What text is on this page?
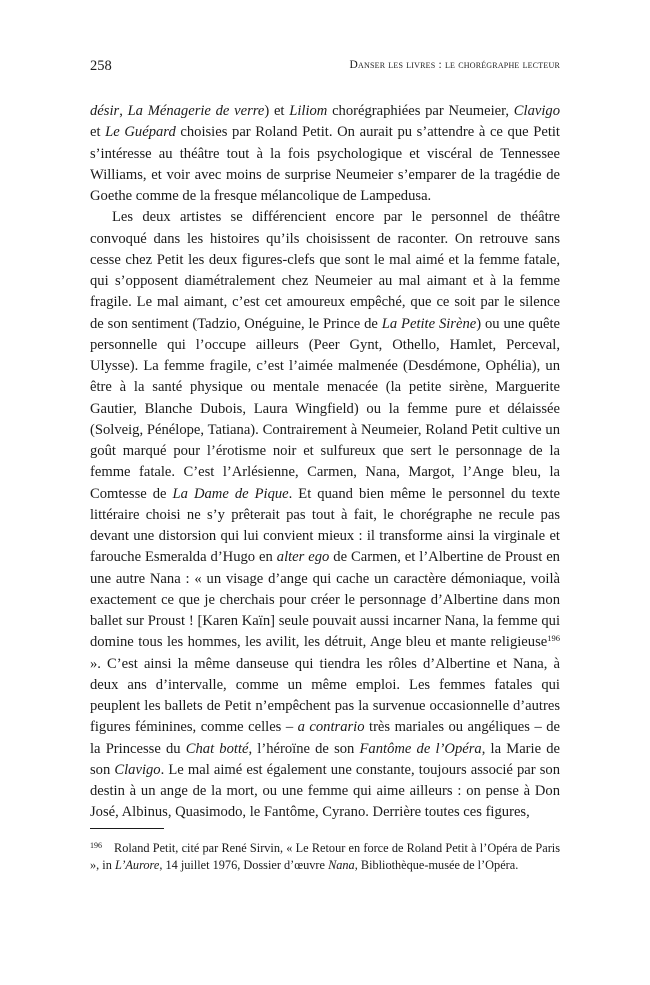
258	Danser les livres : le chorégraphe lecteur

désir, La Ménagerie de verre) et Liliom chorégraphiées par Neumeier, Clavigo et Le Guépard choisies par Roland Petit. On aurait pu s’attendre à ce que Petit s’intéresse au théâtre tout à la fois psychologique et viscéral de Tennessee Williams, et voir avec moins de surprise Neumeier s’emparer de la tragédie de Goethe comme de la fresque mélancolique de Lampedusa.

Les deux artistes se différencient encore par le personnel de théâtre convoqué dans les histoires qu’ils choisissent de raconter. On retrouve sans cesse chez Petit les deux figures-clefs que sont le mal aimé et la femme fatale, qui s’opposent diamétralement chez Neumeier au mal aimant et à la femme fragile. Le mal aimant, c’est cet amoureux empêché, que ce soit par le silence de son sentiment (Tadzio, Onéguine, le Prince de La Petite Sirène) ou une quête personnelle qui l’occupe ailleurs (Peer Gynt, Othello, Hamlet, Perceval, Ulysse). La femme fragile, c’est l’aimée malmenée (Desdémone, Ophélia), un être à la santé physique ou mentale menacée (la petite sirène, Marguerite Gautier, Blanche Dubois, Laura Wingfield) ou la femme pure et délaissée (Solveig, Pénélope, Tatiana). Contrairement à Neumeier, Roland Petit cultive un goût marqué pour l’érotisme noir et sulfureux que sert le personnage de la femme fatale. C’est l’Arlésienne, Carmen, Nana, Margot, l’Ange bleu, la Comtesse de La Dame de Pique. Et quand bien même le personnel du texte littéraire choisi ne s’y prêterait pas tout à fait, le chorégraphe ne recule pas devant une distorsion qui lui convient mieux : il transforme ainsi la virginale et farouche Esmeralda d’Hugo en alter ego de Carmen, et l’Albertine de Proust en une autre Nana : « un visage d’ange qui cache un caractère démoniaque, voilà exactement ce que je cherchais pour créer le personnage d’Albertine dans mon ballet sur Proust ! [Karen Kaïn] seule pouvait aussi incarner Nana, la femme qui domine tous les hommes, les avilit, les détruit, Ange bleu et mante religieuse$^{196}$ ». C’est ainsi la même danseuse qui tiendra les rôles d’Albertine et Nana, à deux ans d’intervalle, comme un même emploi. Les femmes fatales qui peuplent les ballets de Petit n’empêchent pas la survenue occasionnelle d’autres figures féminines, comme celles – a contrario très mariales ou angéliques – de la Princesse du Chat botté, l’héroïne de son Fantôme de l’Opéra, la Marie de son Clavigo. Le mal aimé est également une constante, toujours associé par son destin à un ange de la mort, ou une femme qui aime ailleurs : on pense à Don José, Albinus, Quasimodo, le Fantôme, Cyrano. Derrière toutes ces figures,

$^{196}$ Roland Petit, cité par René Sirvin, « Le Retour en force de Roland Petit à l’Opéra de Paris », in L’Aurore, 14 juillet 1976, Dossier d’œuvre Nana, Bibliothèque-musée de l’Opéra.
